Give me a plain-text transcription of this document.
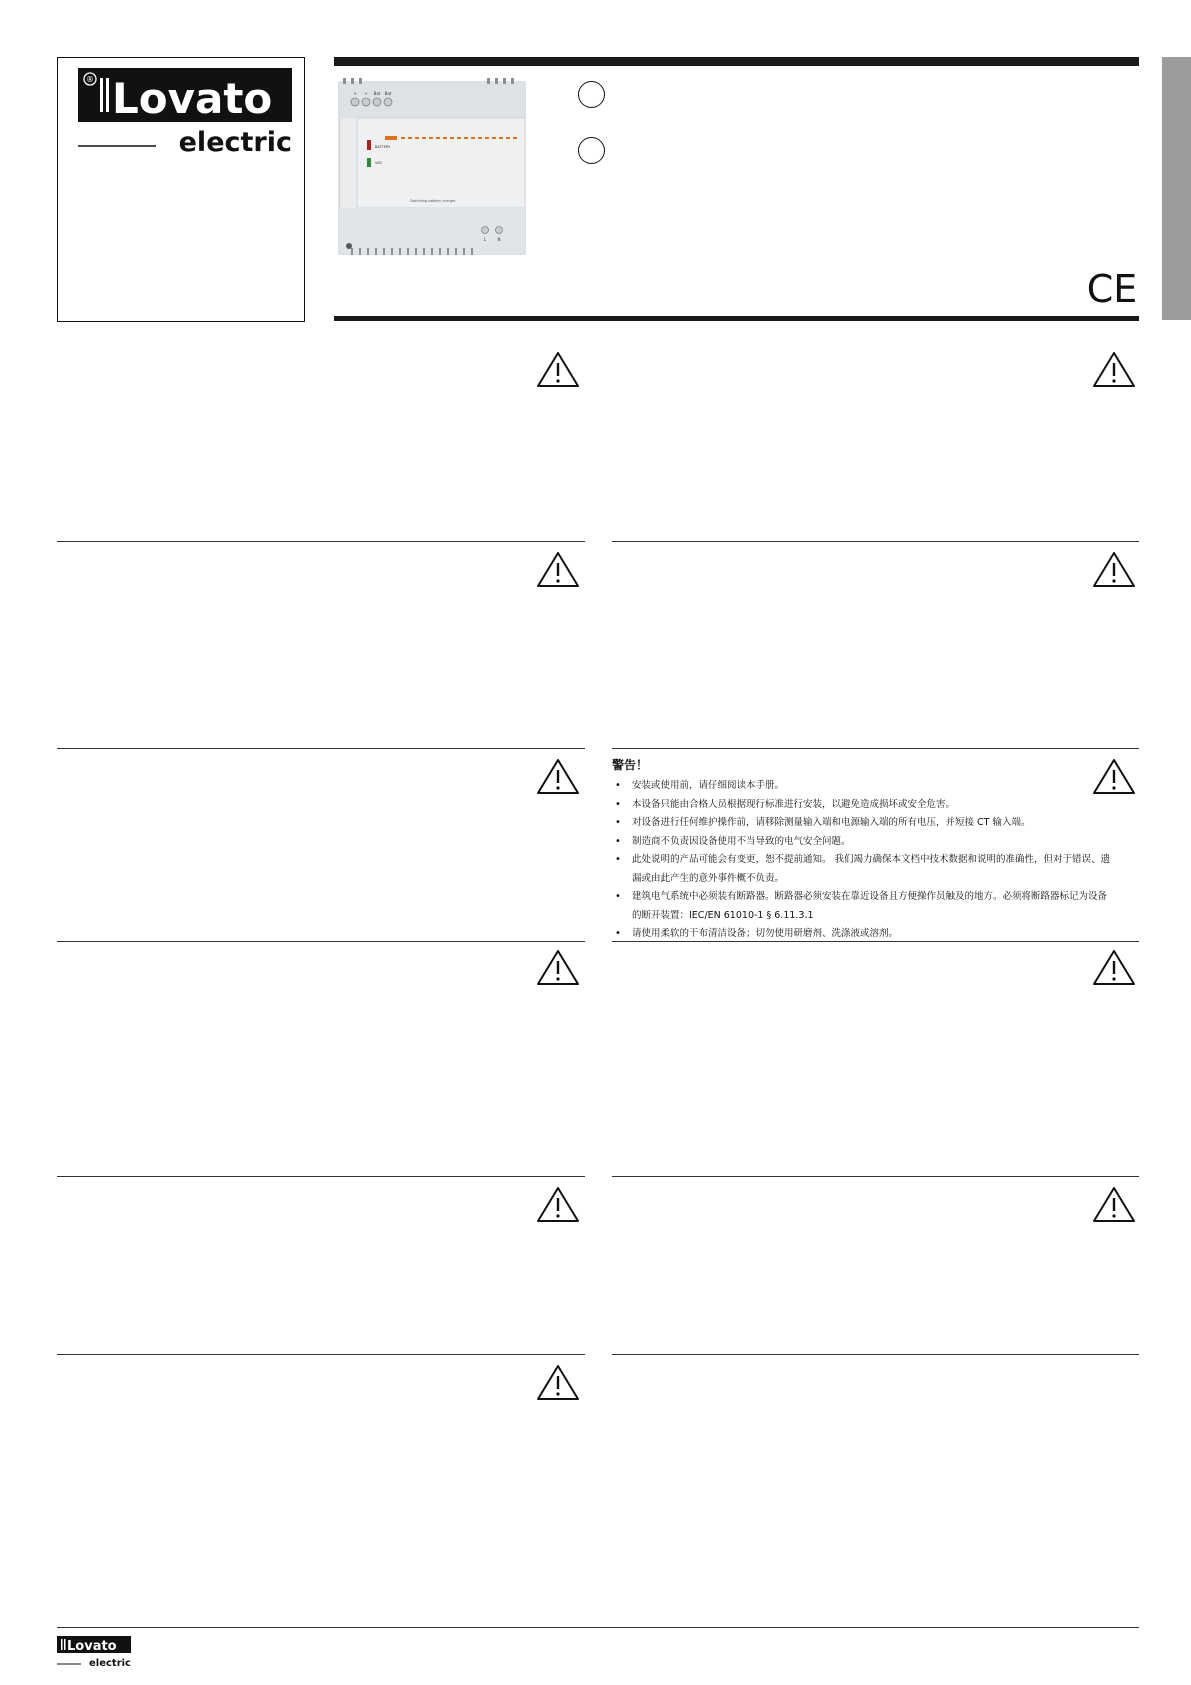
® Lovato
electric
+ + Bat Bat
BATTERY
VDC
Switching battery charger
L	N
CE
警告！
• 安装或使用前，请仔细阅读本手册。
• 本设备只能由合格人员根据现行标准进行安装，以避免造成损坏或安全危害。
• 对设备进行任何维护操作前，请移除测量输入端和电源输入端的所有电压，并短接 CT 输入端。
• 制造商不负责因设备使用不当导致的电气安全问题。
• 此处说明的产品可能会有变更，恕不提前通知。 我们竭力确保本文档中技术数据和说明的准确性，但对于错误、遗漏或由此产生的意外事件概不负责。
• 建筑电气系统中必须装有断路器。断路器必须安装在靠近设备且方便操作员触及的地方。必须将断路器标记为设备的断开装置：IEC/EN 61010-1 § 6.11.3.1
• 请使用柔软的干布清洁设备；切勿使用研磨剂、洗涤液或溶剂。
Lovato
electric
